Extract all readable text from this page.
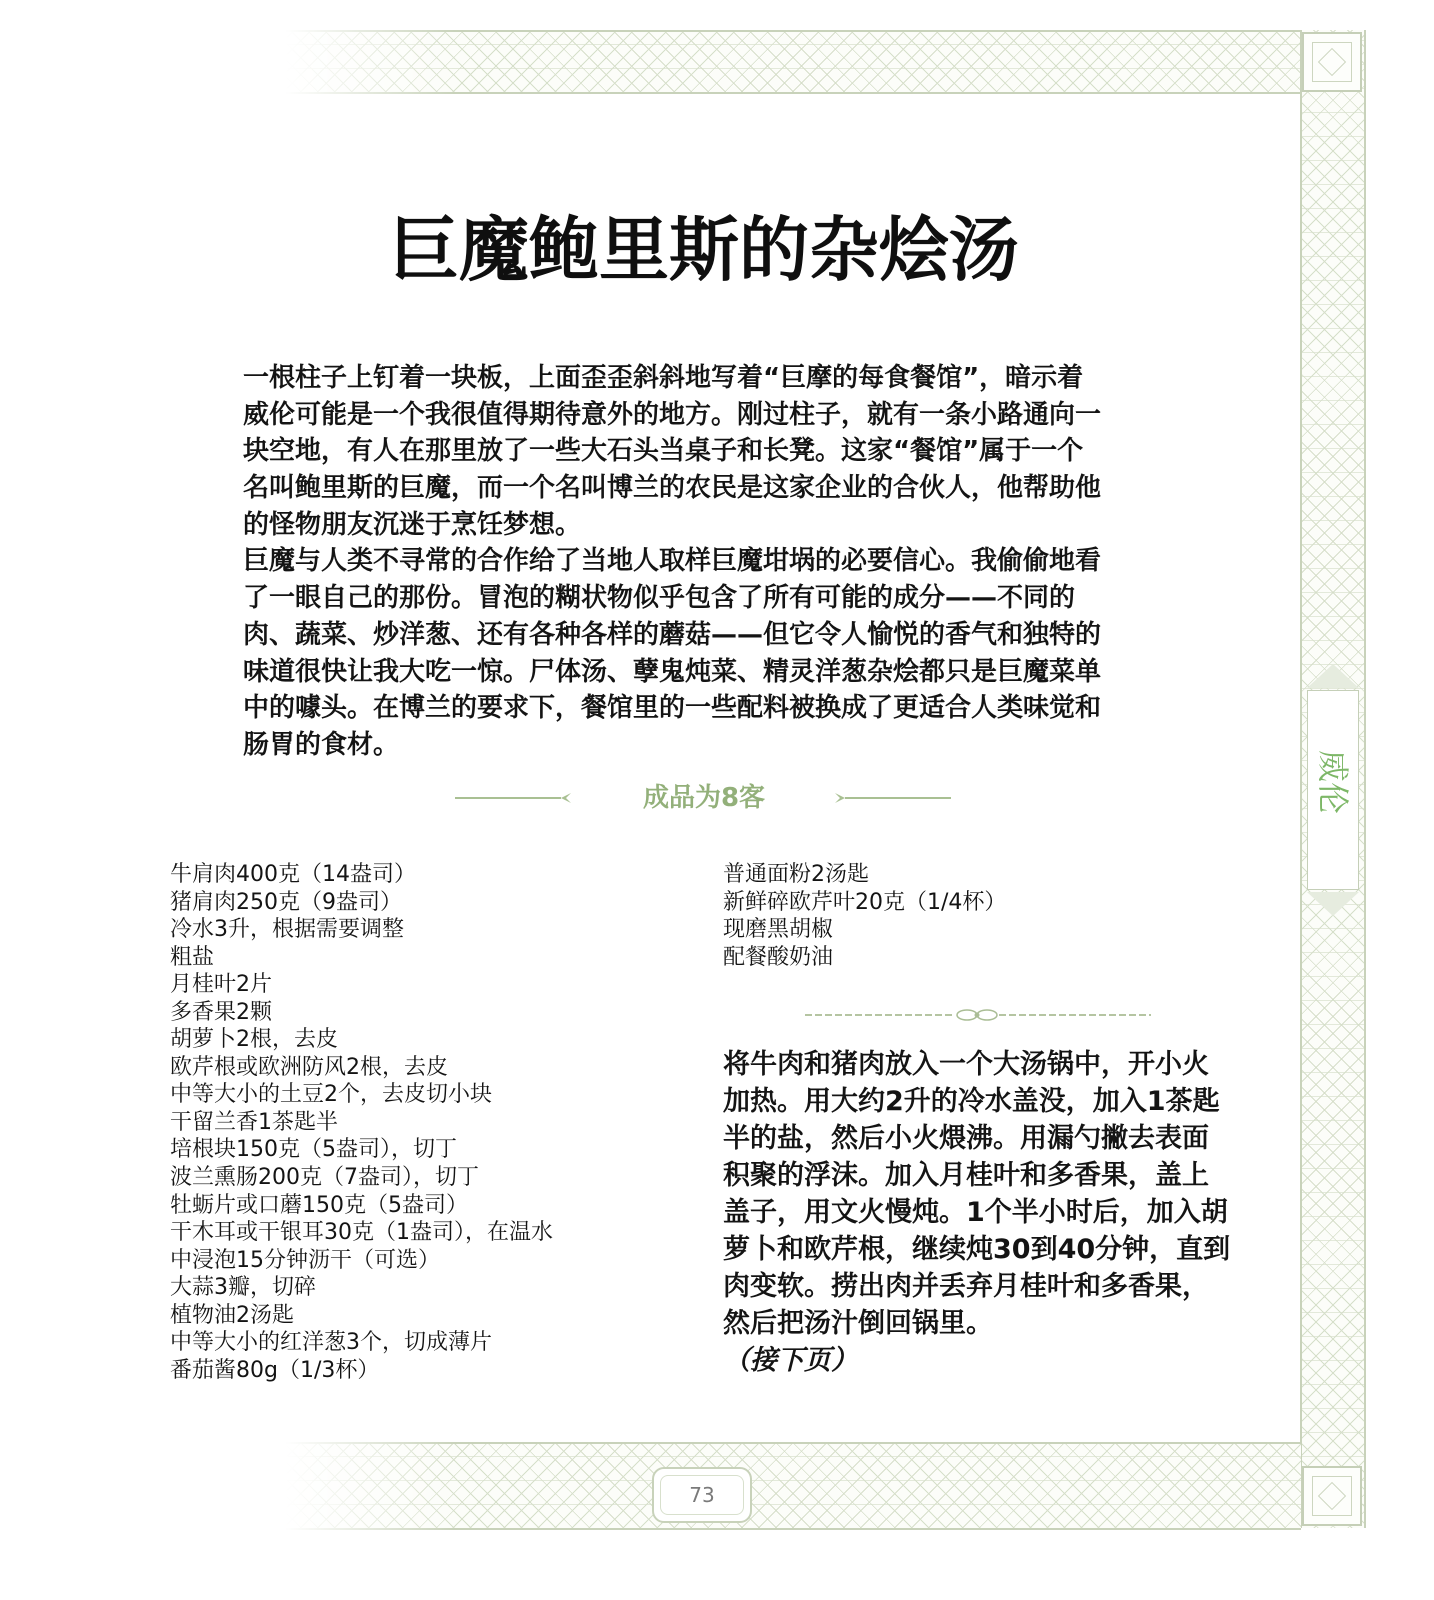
威伦
巨魔鲍里斯的杂烩汤
一根柱子上钉着一块板，上面歪歪斜斜地写着“巨摩的每食餐馆”，暗示着
威伦可能是一个我很值得期待意外的地方。刚过柱子，就有一条小路通向一
块空地，有人在那里放了一些大石头当桌子和长凳。这家“餐馆”属于一个
名叫鲍里斯的巨魔，而一个名叫博兰的农民是这家企业的合伙人，他帮助他
的怪物朋友沉迷于烹饪梦想。
巨魔与人类不寻常的合作给了当地人取样巨魔坩埚的必要信心。我偷偷地看
了一眼自己的那份。冒泡的糊状物似乎包含了所有可能的成分——不同的
肉、蔬菜、炒洋葱、还有各种各样的蘑菇——但它令人愉悦的香气和独特的
味道很快让我大吃一惊。尸体汤、孽鬼炖菜、精灵洋葱杂烩都只是巨魔菜单
中的噱头。在博兰的要求下，餐馆里的一些配料被换成了更适合人类味觉和
肠胃的食材。
成品为8客
牛肩肉400克（14盎司）
猪肩肉250克（9盎司）
冷水3升，根据需要调整
粗盐
月桂叶2片
多香果2颗
胡萝卜2根，去皮
欧芹根或欧洲防风2根，去皮
中等大小的土豆2个，去皮切小块
干留兰香1茶匙半
培根块150克（5盎司），切丁
波兰熏肠200克（7盎司），切丁
牡蛎片或口蘑150克（5盎司）
干木耳或干银耳30克（1盎司），在温水
中浸泡15分钟沥干（可选）
大蒜3瓣，切碎
植物油2汤匙
中等大小的红洋葱3个，切成薄片
番茄酱80g（1/3杯）
普通面粉2汤匙
新鲜碎欧芹叶20克（1/4杯）
现磨黑胡椒
配餐酸奶油
将牛肉和猪肉放入一个大汤锅中，开小火
加热。用大约2升的冷水盖没，加入1茶匙
半的盐，然后小火煨沸。用漏勺撇去表面
积聚的浮沫。加入月桂叶和多香果，盖上
盖子，用文火慢炖。1个半小时后，加入胡
萝卜和欧芹根，继续炖30到40分钟，直到
肉变软。捞出肉并丢弃月桂叶和多香果，
然后把汤汁倒回锅里。
（接下页）
73
